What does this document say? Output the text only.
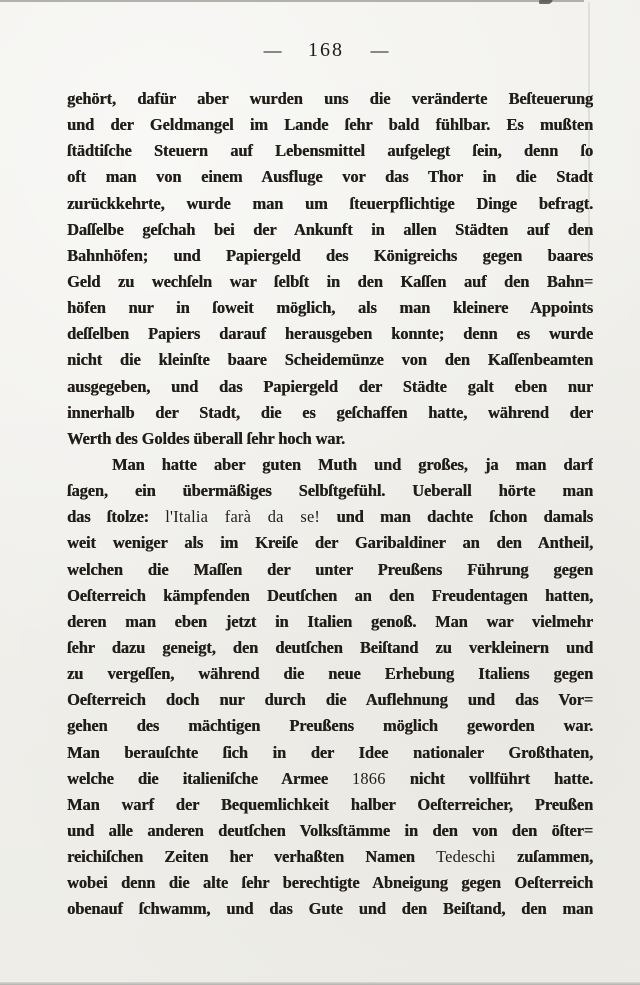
— 168 —
gehört, dafür aber wurden uns die veränderte Beſteuerung
und der Geldmangel im Lande ſehr bald fühlbar. Es mußten
ſtädtiſche Steuern auf Lebensmittel aufgelegt ſein, denn ſo
oft man von einem Ausfluge vor das Thor in die Stadt
zurückkehrte, wurde man um ſteuerpflichtige Dinge befragt.
Daſſelbe geſchah bei der Ankunft in allen Städten auf den
Bahnhöfen; und Papiergeld des Königreichs gegen baares
Geld zu wechſeln war ſelbſt in den Kaſſen auf den Bahn=
höfen nur in ſoweit möglich, als man kleinere Appoints
deſſelben Papiers darauf herausgeben konnte; denn es wurde
nicht die kleinſte baare Scheidemünze von den Kaſſenbeamten
ausgegeben, und das Papiergeld der Städte galt eben nur
innerhalb der Stadt, die es geſchaffen hatte, während der
Werth des Goldes überall ſehr hoch war.
Man hatte aber guten Muth und großes, ja man darf
ſagen, ein übermäßiges Selbſtgefühl. Ueberall hörte man
das ſtolze: l'Italia farà da se! und man dachte ſchon damals
weit weniger als im Kreiſe der Garibaldiner an den Antheil,
welchen die Maſſen der unter Preußens Führung gegen
Oeſterreich kämpfenden Deutſchen an den Freudentagen hatten,
deren man eben jetzt in Italien genoß. Man war vielmehr
ſehr dazu geneigt, den deutſchen Beiſtand zu verkleinern und
zu vergeſſen, während die neue Erhebung Italiens gegen
Oeſterreich doch nur durch die Auflehnung und das Vor=
gehen des mächtigen Preußens möglich geworden war.
Man berauſchte ſich in der Idee nationaler Großthaten,
welche die italieniſche Armee 1866 nicht vollführt hatte.
Man warf der Bequemlichkeit halber Oeſterreicher, Preußen
und alle anderen deutſchen Volksſtämme in den von den öſter=
reichiſchen Zeiten her verhaßten Namen Tedeschi zuſammen,
wobei denn die alte ſehr berechtigte Abneigung gegen Oeſterreich
obenauf ſchwamm, und das Gute und den Beiſtand, den man
